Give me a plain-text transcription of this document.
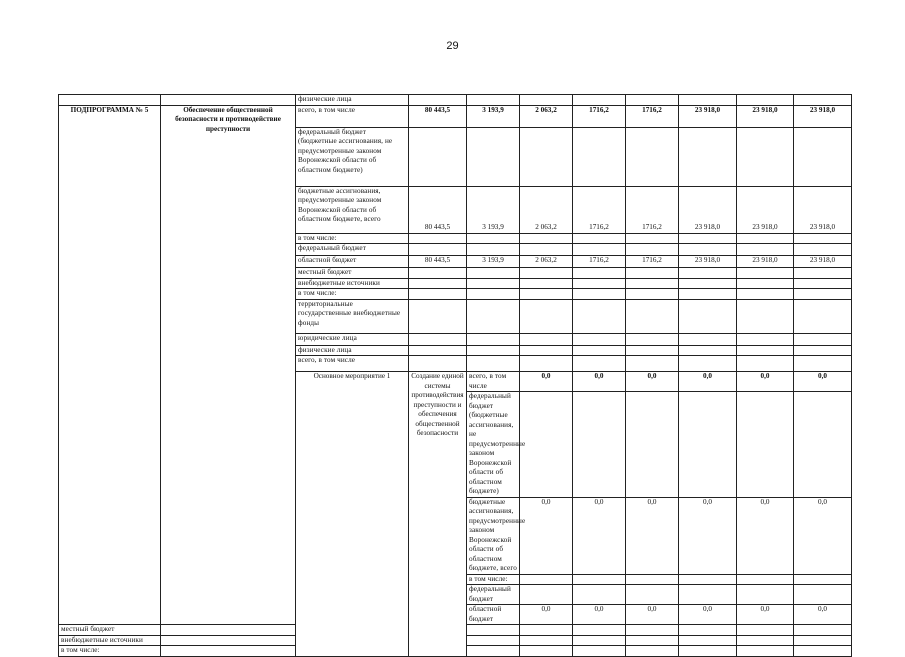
29
		физические лица									
ПОДПРОГРАММА № 5	Обеспечение общественной безопасности и противодействие преступности	всего, в том числе	80 443,5	3 193,9	2 063,2	1716,2	1716,2	23 918,0	23 918,0	23 918,0	
		федеральный бюджет (бюджетные ассигнования, не предусмотренные законом Воронежской области об областном бюджете)									
		бюджетные ассигнования, предусмотренные законом Воронежской области об областном бюджете, всего	80 443,5	3 193,9	2 063,2	1716,2	1716,2	23 918,0	23 918,0	23 918,0	
		в том числе:									
		федеральный бюджет									
		областной бюджет	80 443,5	3 193,9	2 063,2	1716,2	1716,2	23 918,0	23 918,0	23 918,0	
		местный бюджет									
		внебюджетные источники									
		в том числе:									
		территориальные государственные внебюджетные фонды									
		юридические лица									
		физические лица									
		всего, в том числе									
		Основное мероприятие 1	Создание единой системы противодействия преступности и обеспечения общественной безопасности	всего, в том числе	0,0	0,0	0,0	0,0	0,0	0,0		
				федеральный бюджет (бюджетные ассигнования, не предусмотренные законом Воронежской области об областном бюджете)								
				бюджетные ассигнования, предусмотренные законом Воронежской области об областном бюджете, всего	0,0	0,0	0,0	0,0	0,0	0,0		
				в том числе:								
				федеральный бюджет								
				областной бюджет	0,0	0,0	0,0	0,0	0,0	0,0		
местный бюджет											
внебюджетные источники											
в том числе:											
